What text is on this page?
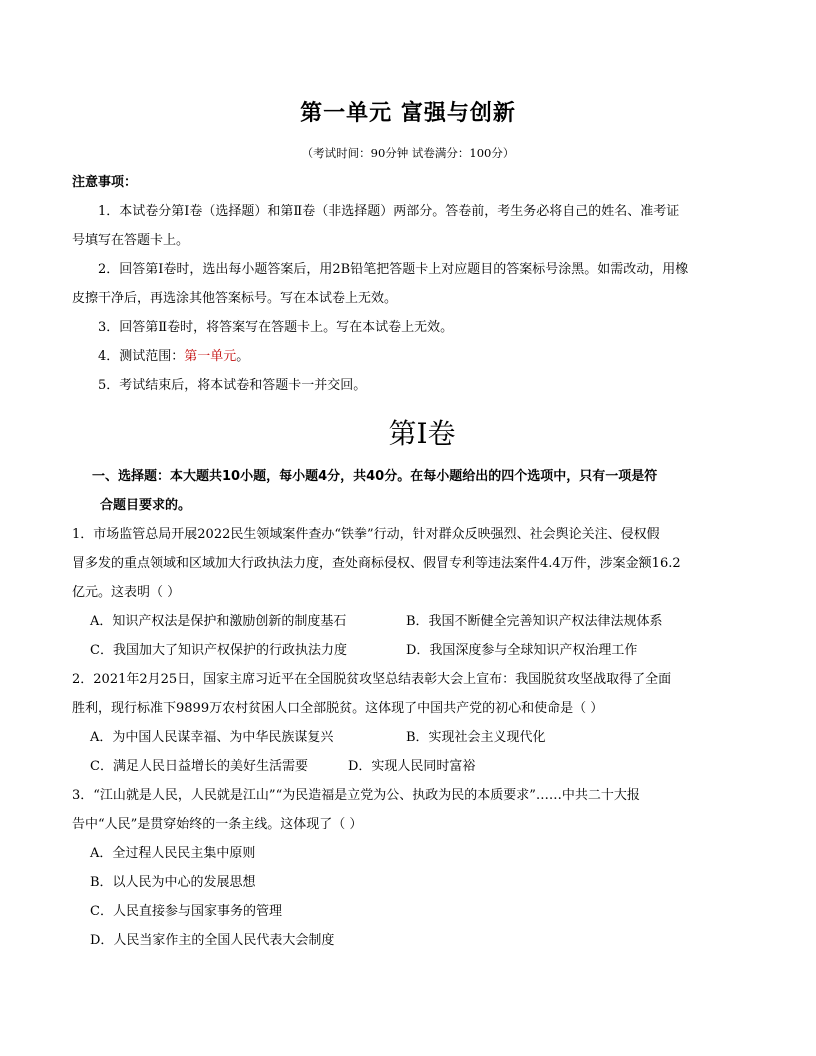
第一单元 富强与创新
（考试时间：90分钟 试卷满分：100分）
注意事项：
1．本试卷分第Ⅰ卷（选择题）和第Ⅱ卷（非选择题）两部分。答卷前，考生务必将自己的姓名、准考证
号填写在答题卡上。
2．回答第Ⅰ卷时，选出每小题答案后，用2B铅笔把答题卡上对应题目的答案标号涂黑。如需改动，用橡
皮擦干净后，再选涂其他答案标号。写在本试卷上无效。
3．回答第Ⅱ卷时，将答案写在答题卡上。写在本试卷上无效。
4．测试范围：第一单元。
5．考试结束后，将本试卷和答题卡一并交回。
第Ⅰ卷
一、选择题：本大题共10小题，每小题4分，共40分。在每小题给出的四个选项中，只有一项是符
合题目要求的。
1．市场监管总局开展2022民生领域案件查办“铁拳”行动，针对群众反映强烈、社会舆论关注、侵权假
冒多发的重点领域和区域加大行政执法力度，查处商标侵权、假冒专利等违法案件4.4万件，涉案金额16.2
亿元。这表明（ ）
A．知识产权法是保护和激励创新的制度基石	B．我国不断健全完善知识产权法律法规体系
C．我国加大了知识产权保护的行政执法力度	D．我国深度参与全球知识产权治理工作
2．2021年2月25日，国家主席习近平在全国脱贫攻坚总结表彰大会上宣布：我国脱贫攻坚战取得了全面
胜利，现行标准下9899万农村贫困人口全部脱贫。这体现了中国共产党的初心和使命是（ ）
A．为中国人民谋幸福、为中华民族谋复兴	B．实现社会主义现代化
C．满足人民日益增长的美好生活需要	D．实现人民同时富裕
3．“江山就是人民，人民就是江山”“为民造福是立党为公、执政为民的本质要求”……中共二十大报
告中“人民”是贯穿始终的一条主线。这体现了（ ）
A．全过程人民民主集中原则
B．以人民为中心的发展思想
C．人民直接参与国家事务的管理
D．人民当家作主的全国人民代表大会制度
